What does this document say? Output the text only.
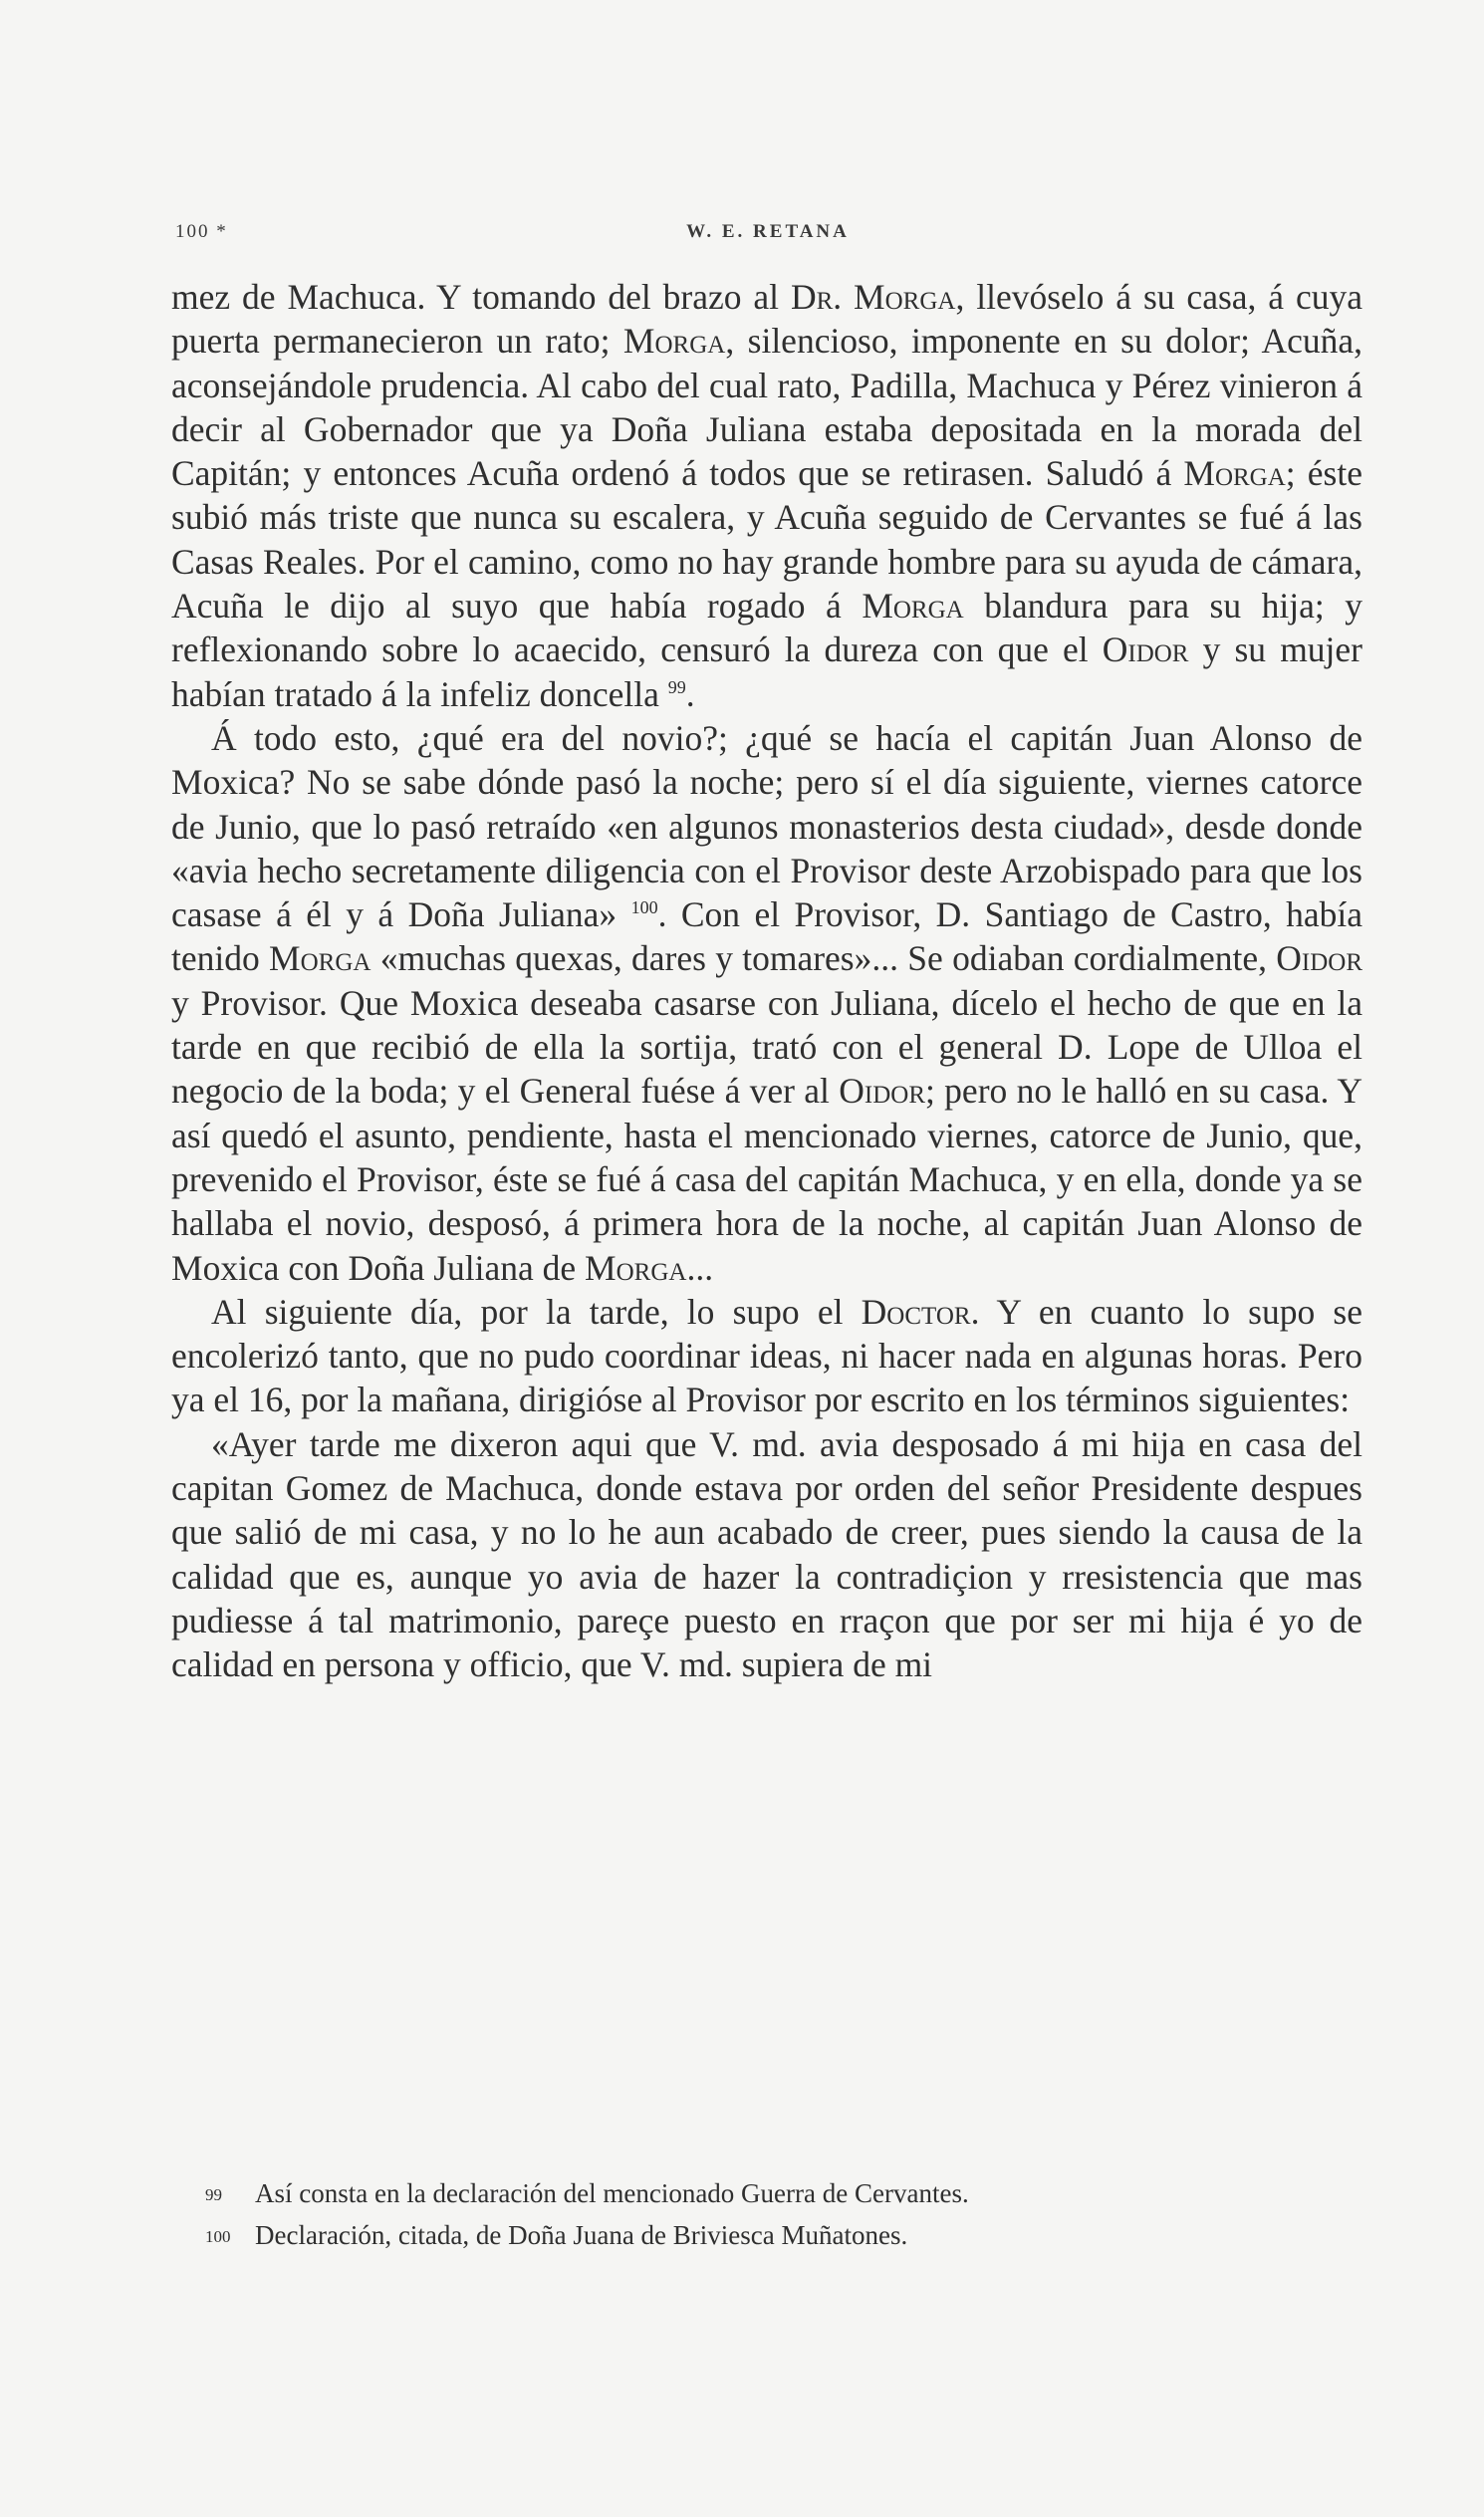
100 *	W. E. RETANA

mez de Machuca. Y tomando del brazo al Dr. Morga, llevóselo á su casa, á cuya puerta permanecieron un rato; Morga, silencioso, imponente en su dolor; Acuña, aconsejándole prudencia. Al cabo del cual rato, Padilla, Machuca y Pérez vinieron á decir al Gobernador que ya Doña Juliana estaba depositada en la morada del Capitán; y entonces Acuña ordenó á todos que se retirasen. Saludó á Morga; éste subió más triste que nunca su escalera, y Acuña seguido de Cervantes se fué á las Casas Reales. Por el camino, como no hay grande hombre para su ayuda de cámara, Acuña le dijo al suyo que había rogado á Morga blandura para su hija; y reflexionando sobre lo acaecido, censuró la dureza con que el Oidor y su mujer habían tratado á la infeliz doncella $^{99}$.

Á todo esto, ¿qué era del novio?; ¿qué se hacía el capitán Juan Alonso de Moxica? No se sabe dónde pasó la noche; pero sí el día siguiente, viernes catorce de Junio, que lo pasó retraído «en algunos monasterios desta ciudad», desde donde «avia hecho secretamente diligencia con el Provisor deste Arzobispado para que los casase á él y á Doña Juliana» $^{100}$. Con el Provisor, D. Santiago de Castro, había tenido Morga «muchas quexas, dares y tomares»... Se odiaban cordialmente, Oidor y Provisor. Que Moxica deseaba casarse con Juliana, dícelo el hecho de que en la tarde en que recibió de ella la sortija, trató con el general D. Lope de Ulloa el negocio de la boda; y el General fuése á ver al Oidor; pero no le halló en su casa. Y así quedó el asunto, pendiente, hasta el mencionado viernes, catorce de Junio, que, prevenido el Provisor, éste se fué á casa del capitán Machuca, y en ella, donde ya se hallaba el novio, desposó, á primera hora de la noche, al capitán Juan Alonso de Moxica con Doña Juliana de Morga...

Al siguiente día, por la tarde, lo supo el Doctor. Y en cuanto lo supo se encolerizó tanto, que no pudo coordinar ideas, ni hacer nada en algunas horas. Pero ya el 16, por la mañana, dirigióse al Provisor por escrito en los términos siguientes:

«Ayer tarde me dixeron aqui que V. md. avia desposado á mi hija en casa del capitan Gomez de Machuca, donde estava por orden del señor Presidente despues que salió de mi casa, y no lo he aun acabado de creer, pues siendo la causa de la calidad que es, aunque yo avia de hazer la contradiçion y rresistencia que mas pudiesse á tal matrimonio, pareçe puesto en rraçon que por ser mi hija é yo de calidad en persona y officio, que V. md. supiera de mi

99	Así consta en la declaración del mencionado Guerra de Cervantes.
100 Declaración, citada, de Doña Juana de Briviesca Muñatones.
